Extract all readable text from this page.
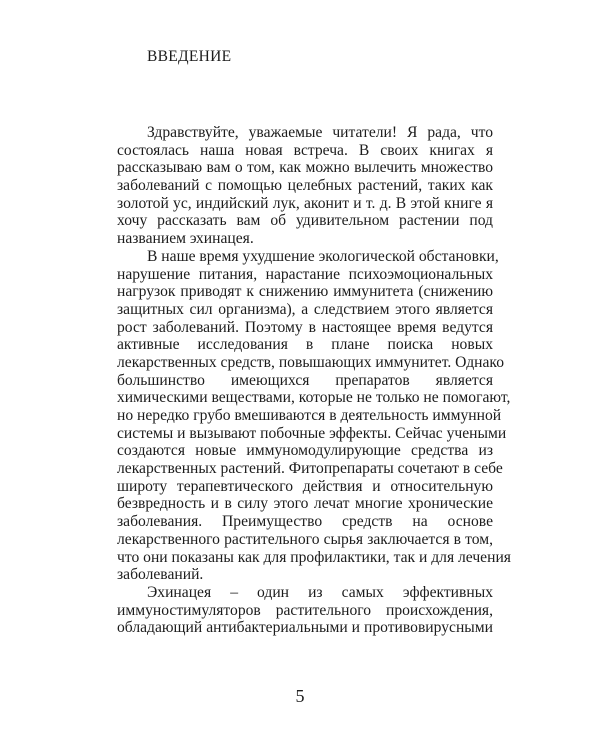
ВВЕДЕНИЕ
Здравствуйте, уважаемые читатели! Я рада, что
состоялась наша новая встреча. В своих книгах я
рассказываю вам о том, как можно вылечить множество
заболеваний с помощью целебных растений, таких как
золотой ус, индийский лук, аконит и т. д. В этой книге я
хочу рассказать вам об удивительном растении под
названием эхинацея.
В наше время ухудшение экологической обстановки,
нарушение питания, нарастание психоэмоциональных
нагрузок приводят к снижению иммунитета (снижению
защитных сил организма), а следствием этого является
рост заболеваний. Поэтому в настоящее время ведутся
активные исследования в плане поиска новых
лекарственных средств, повышающих иммунитет. Однако
большинство имеющихся препаратов является
химическими веществами, которые не только не помогают,
но нередко грубо вмешиваются в деятельность иммунной
системы и вызывают побочные эффекты. Сейчас учеными
создаются новые иммуномодулирующие средства из
лекарственных растений. Фитопрепараты сочетают в себе
широту терапевтического действия и относительную
безвредность и в силу этого лечат многие хронические
заболевания. Преимущество средств на основе
лекарственного растительного сырья заключается в том,
что они показаны как для профилактики, так и для лечения
заболеваний.
Эхинацея – один из самых эффективных
иммуностимуляторов растительного происхождения,
обладающий антибактериальными и противовирусными
5
